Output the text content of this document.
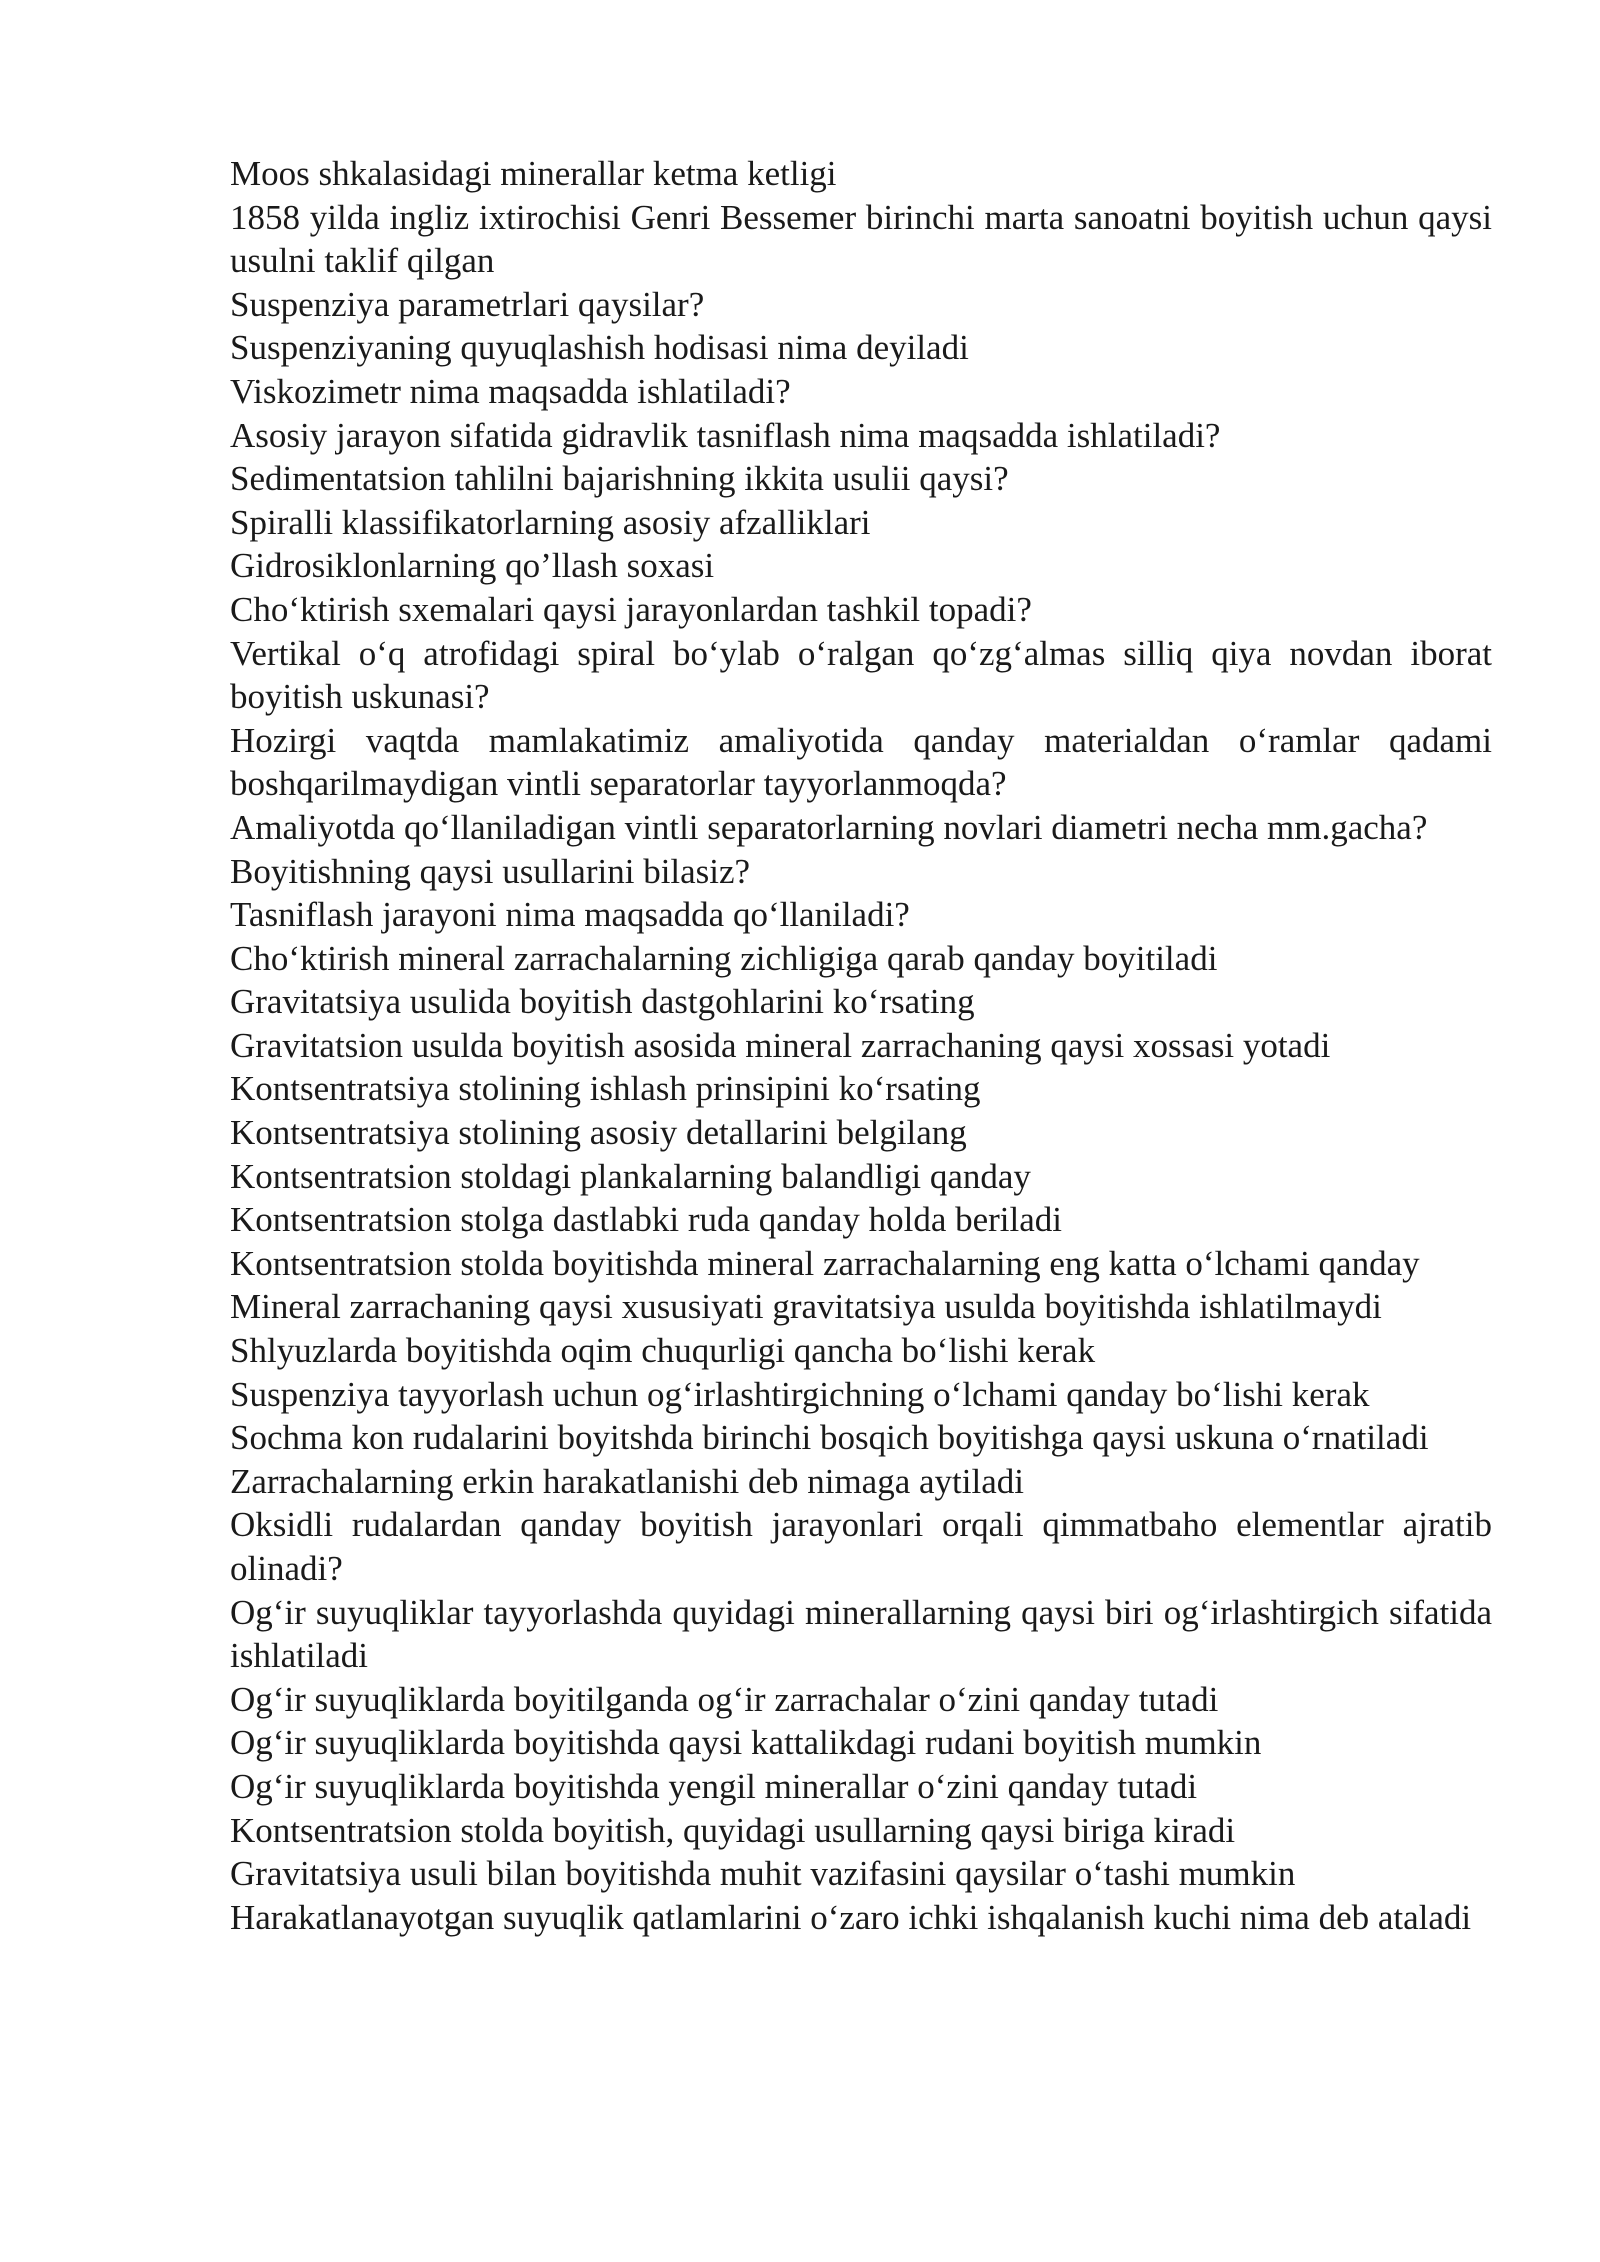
Moos shkalasidagi minerallar ketma ketligi

1858 yilda ingliz ixtirochisi Genri Bessemer birinchi marta sanoatni boyitish uchun qaysi usulni taklif qilgan

Suspenziya parametrlari qaysilar?

Suspenziyaning quyuqlashish hodisasi nima deyiladi

Viskozimetr nima maqsadda ishlatiladi?

Asosiy jarayon sifatida gidravlik tasniflash nima maqsadda ishlatiladi?

Sedimentatsion tahlilni bajarishning ikkita usulii qaysi?

Spiralli klassifikatorlarning asosiy afzalliklari

Gidrosiklonlarning qo’llash soxasi

Cho‘ktirish sxemalari qaysi jarayonlardan tashkil topadi?

Vertikal o‘q atrofidagi spiral bo‘ylab o‘ralgan qo‘zg‘almas silliq qiya novdan iborat boyitish uskunasi?

Hozirgi vaqtda mamlakatimiz amaliyotida qanday materialdan o‘ramlar qadami boshqarilmaydigan vintli separatorlar tayyorlanmoqda?

Amaliyotda qo‘llaniladigan vintli separatorlarning novlari diametri necha mm.gacha?

Boyitishning qaysi usullarini bilasiz?

Tasniflash jarayoni nima maqsadda qo‘llaniladi?

Cho‘ktirish mineral zarrachalarning zichligiga qarab qanday boyitiladi

Gravitatsiya usulida boyitish dastgohlarini ko‘rsating

Gravitatsion usulda boyitish asosida mineral zarrachaning qaysi xossasi yotadi

Kontsentratsiya stolining ishlash prinsipini ko‘rsating

Kontsentratsiya stolining asosiy detallarini belgilang

Kontsentratsion stoldagi plankalarning balandligi qanday

Kontsentratsion stolga dastlabki ruda qanday holda beriladi

Kontsentratsion stolda boyitishda mineral zarrachalarning eng katta o‘lchami qanday

Mineral zarrachaning qaysi xususiyati gravitatsiya usulda boyitishda ishlatilmaydi

Shlyuzlarda boyitishda oqim chuqurligi qancha bo‘lishi kerak

Suspenziya tayyorlash uchun og‘irlashtirgichning o‘lchami qanday bo‘lishi kerak

Sochma kon rudalarini boyitshda birinchi bosqich boyitishga qaysi uskuna o‘rnatiladi

Zarrachalarning erkin harakatlanishi deb nimaga aytiladi

Oksidli rudalardan qanday boyitish jarayonlari orqali qimmatbaho elementlar ajratib olinadi?

Og‘ir suyuqliklar tayyorlashda quyidagi minerallarning qaysi biri og‘irlashtirgich sifatida ishlatiladi

Og‘ir suyuqliklarda boyitilganda og‘ir zarrachalar o‘zini qanday tutadi

Og‘ir suyuqliklarda boyitishda qaysi kattalikdagi rudani boyitish mumkin

Og‘ir suyuqliklarda boyitishda yengil minerallar o‘zini qanday tutadi

Kontsentratsion stolda boyitish, quyidagi usullarning qaysi biriga kiradi

Gravitatsiya usuli bilan boyitishda muhit vazifasini qaysilar o‘tashi mumkin

Harakatlanayotgan suyuqlik qatlamlarini o‘zaro ichki ishqalanish kuchi nima deb ataladi
